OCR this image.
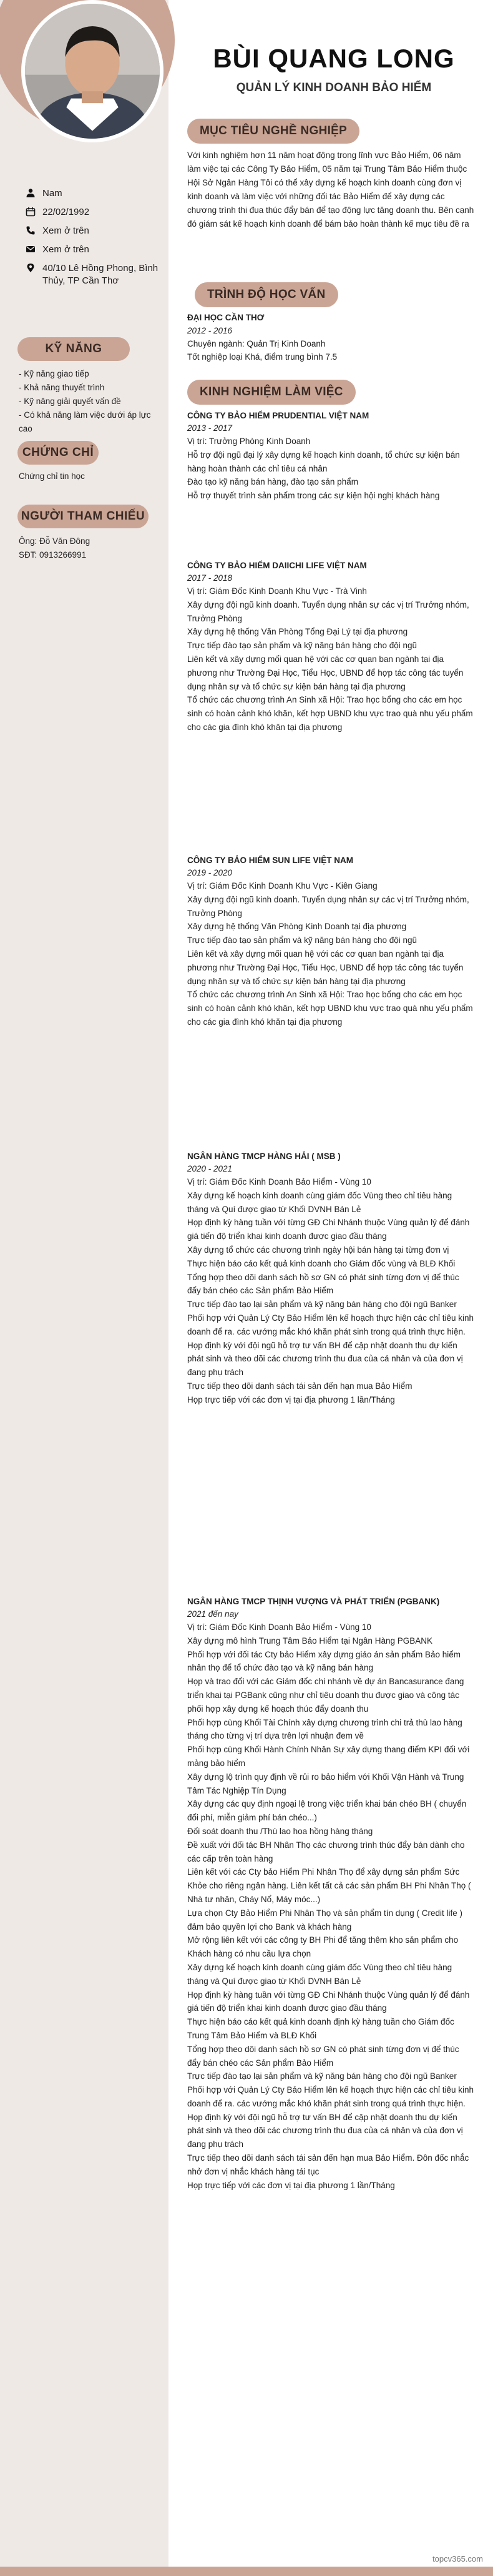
Nam
22/02/1992
Xem ở trên
Xem ở trên
40/10 Lê Hồng Phong, Bình Thủy, TP Cần Thơ
KỸ NĂNG
- Kỹ năng giao tiếp
- Khả năng thuyết trình
- Kỹ năng giải quyết vấn đề
- Có khả năng làm việc dưới áp lực cao
CHỨNG CHỈ
Chứng chỉ tin học
NGƯỜI THAM CHIẾU
Ông: Đỗ Văn Đông
SĐT: 0913266991
BÙI QUANG LONG
QUẢN LÝ KINH DOANH BẢO HIỂM
MỤC TIÊU NGHỀ NGHIỆP
Với kinh nghiệm hơn 11 năm hoạt động trong lĩnh vực Bảo Hiểm, 06 năm làm việc tại các Công Ty Bảo Hiểm, 05 năm tại Trung Tâm Bảo Hiểm thuộc Hội Sở Ngân Hàng Tôi có thể xây dựng kế hoạch kinh doanh cùng đơn vị kinh doanh và làm việc với những đối tác Bảo Hiểm để xây dựng các chương trình thi đua thúc đẩy bán để tạo động lực tăng doanh thu. Bên cạnh đó giám sát kế hoạch kinh doanh để bám bảo hoàn thành kế mục tiêu đề ra
TRÌNH ĐỘ HỌC VẤN
ĐẠI HỌC CẦN THƠ
2012 - 2016
Chuyên ngành: Quản Trị Kinh Doanh
Tốt nghiệp loại Khá, điểm trung bình 7.5
KINH NGHIỆM LÀM VIỆC
CÔNG TY BẢO HIỂM PRUDENTIAL VIỆT NAM
2013 - 2017
Vị trí: Trưởng Phòng Kinh Doanh
Hỗ trợ đội ngũ đại lý xây dựng kế hoạch kinh doanh, tổ chức sự kiện bán hàng hoàn thành các chỉ tiêu cá nhân
Đào tạo kỹ năng bán hàng, đào tạo sản phẩm
Hỗ trợ thuyết trình sản phẩm trong các sự kiện hội nghị khách hàng
CÔNG TY BẢO HIỂM DAIICHI LIFE VIỆT NAM
2017 - 2018
Vị trí: Giám Đốc Kinh Doanh Khu Vực - Trà Vinh
Xây dựng đội ngũ kinh doanh. Tuyển dụng nhân sự các vị trí Trưởng nhóm, Trưởng Phòng
Xây dựng hệ thống Văn Phòng Tổng Đại Lý tại địa phương
Trực tiếp đào tạo sản phẩm và kỹ năng bán hàng cho đội ngũ
Liên kết và xây dựng mối quan hệ với các cơ quan ban ngành tại địa phương như Trường Đại Học, Tiểu Học, UBND để hợp tác công tác tuyển dụng nhân sự và tổ chức sự kiện bán hàng tại địa phương
Tổ chức các chương trình An Sinh xã Hội: Trao học bổng cho các em học sinh có hoàn cảnh khó khăn, kết hợp UBND khu vực trao quà nhu yếu phẩm cho các gia đình khó khăn tại địa phương
CÔNG TY BẢO HIỂM SUN LIFE VIỆT NAM
2019 - 2020
Vị trí: Giám Đốc Kinh Doanh Khu Vực - Kiên Giang
Xây dựng đội ngũ kinh doanh. Tuyển dụng nhân sự các vị trí Trưởng nhóm, Trưởng Phòng
Xây dựng hệ thống Văn Phòng Kinh Doanh tại địa phương
Trực tiếp đào tạo sản phẩm và kỹ năng bán hàng cho đội ngũ
Liên kết và xây dựng mối quan hệ với các cơ quan ban ngành tại địa phương như Trường Đại Học, Tiểu Học, UBND để hợp tác công tác tuyển dụng nhân sự và tổ chức sự kiện bán hàng tại địa phương
Tổ chức các chương trình An Sinh xã Hội: Trao học bổng cho các em học sinh có hoàn cảnh khó khăn, kết hợp UBND khu vực trao quà nhu yếu phẩm cho các gia đình khó khăn tại địa phương
NGÂN HÀNG TMCP HÀNG HẢI ( MSB )
2020 - 2021
Vị trí: Giám Đốc Kinh Doanh Bảo Hiểm - Vùng 10
Xây dựng kế hoạch kinh doanh cùng giám đốc Vùng theo chỉ tiêu hàng tháng và Quí được giao từ Khối DVNH Bán Lẻ
Họp định kỳ hàng tuần với từng GĐ Chi Nhánh thuộc Vùng quản lý để đánh giá tiến độ triển khai kinh doanh được giao đầu tháng
Xây dựng tổ chức các chương trình ngày hội bán hàng tại từng đơn vị
Thực hiện báo cáo kết quả kinh doanh cho Giám đốc vùng và BLĐ Khối
Tổng hợp theo dõi danh sách hồ sơ GN có phát sinh từng đơn vị để thúc đẩy bán chéo các Sản phẩm Bảo Hiểm
Trực tiếp đào tạo lại sản phẩm và kỹ năng bán hàng cho đội ngũ Banker
Phối hợp với Quản Lý Cty Bảo Hiểm lên kế hoạch thực hiện các chỉ tiêu kinh doanh để ra. các vướng mắc khó khăn phát sinh trong quá trình thực hiện.
Họp định kỳ với đội ngũ hỗ trợ tư vấn BH để cập nhật doanh thu dự kiến phát sinh và theo dõi các chương trình thu đua của cá nhân và của đơn vị đang phụ trách
Trực tiếp theo dõi danh sách tái sản đến hạn mua Bảo Hiểm
Họp trực tiếp với các đơn vị tại địa phương 1 lần/Tháng
NGÂN HÀNG TMCP THỊNH VƯỢNG VÀ PHÁT TRIỂN (PGBANK)
2021 đến nay
Vị trí: Giám Đốc Kinh Doanh Bảo Hiểm - Vùng 10
Xây dựng mô hình Trung Tâm Bảo Hiểm tại Ngân Hàng PGBANK
Phối hợp với đối tác Cty bảo Hiểm xây dựng giáo án sản phẩm Bảo hiểm nhân thọ để tổ chức đào tạo và kỹ năng bán hàng
Họp và trao đổi với các Giám đốc chi nhánh về dự án Bancasurance đang triển khai tại PGBank cũng như chỉ tiêu doanh thu được giao và công tác phối hợp xây dựng kế hoạch thúc đẩy doanh thu
Phối hợp cùng Khối Tài Chính xây dựng chương trình chi trả thù lao hàng tháng cho từng vị trí dựa trên lợi nhuận đem về
Phối hợp cùng Khối Hành Chính Nhân Sự xây dựng thang điểm KPI đối với mảng bảo hiểm
Xây dựng lộ trình quy định về rủi ro bảo hiểm với Khối Vận Hành và Trung Tâm Tác Nghiệp Tín Dụng
Xây dựng các quy định ngoại lệ trong việc triển khai bán chéo BH ( chuyển đổi phí, miễn giảm phí bán chéo...)
Đối soát doanh thu /Thù lao hoa hồng hàng tháng
Đề xuất với đối tác BH Nhân Thọ các chương trình thúc đẩy bán dành cho các cấp trên toàn hàng
Liên kết với các Cty bảo Hiểm Phi Nhân Thọ để xây dựng sản phẩm Sức Khỏe cho riêng ngân hàng. Liên kết tất cả các sản phẩm BH Phi Nhân Thọ ( Nhà tư nhân, Cháy Nổ, Máy móc...)
Lựa chọn Cty Bảo Hiểm Phi Nhân Thọ và sản phẩm tín dụng ( Credit life ) đảm bảo quyền lợi cho Bank và khách hàng
Mở rộng liên kết với các công ty BH Phi để tăng thêm kho sản phẩm cho Khách hàng có nhu cầu lựa chọn
Xây dựng kế hoạch kinh doanh cùng giám đốc Vùng theo chỉ tiêu hàng tháng và Quí được giao từ Khối DVNH Bán Lẻ
Họp định kỳ hàng tuần với từng GĐ Chi Nhánh thuộc Vùng quản lý để đánh giá tiến độ triển khai kinh doanh được giao đầu tháng
Thực hiện báo cáo kết quả kinh doanh định kỳ hàng tuần cho Giám đốc Trung Tâm Bảo Hiểm và BLĐ Khối
Tổng hợp theo dõi danh sách hồ sơ GN có phát sinh từng đơn vị để thúc đẩy bán chéo các Sản phẩm Bảo Hiểm
Trực tiếp đào tạo lại sản phẩm và kỹ năng bán hàng cho đội ngũ Banker
Phối hợp với Quản Lý Cty Bảo Hiểm lên kế hoạch thực hiện các chỉ tiêu kinh doanh để ra. các vướng mắc khó khăn phát sinh trong quá trình thực hiện.
Họp định kỳ với đội ngũ hỗ trợ tư vấn BH để cập nhật doanh thu dự kiến phát sinh và theo dõi các chương trình thu đua của cá nhân và của đơn vị đang phụ trách
Trực tiếp theo dõi danh sách tái sản đến hạn mua Bảo Hiểm. Đôn đốc nhắc nhở đơn vị nhắc khách hàng tái tục
Họp trực tiếp với các đơn vị tại địa phương 1 lần/Tháng
topcv365.com
